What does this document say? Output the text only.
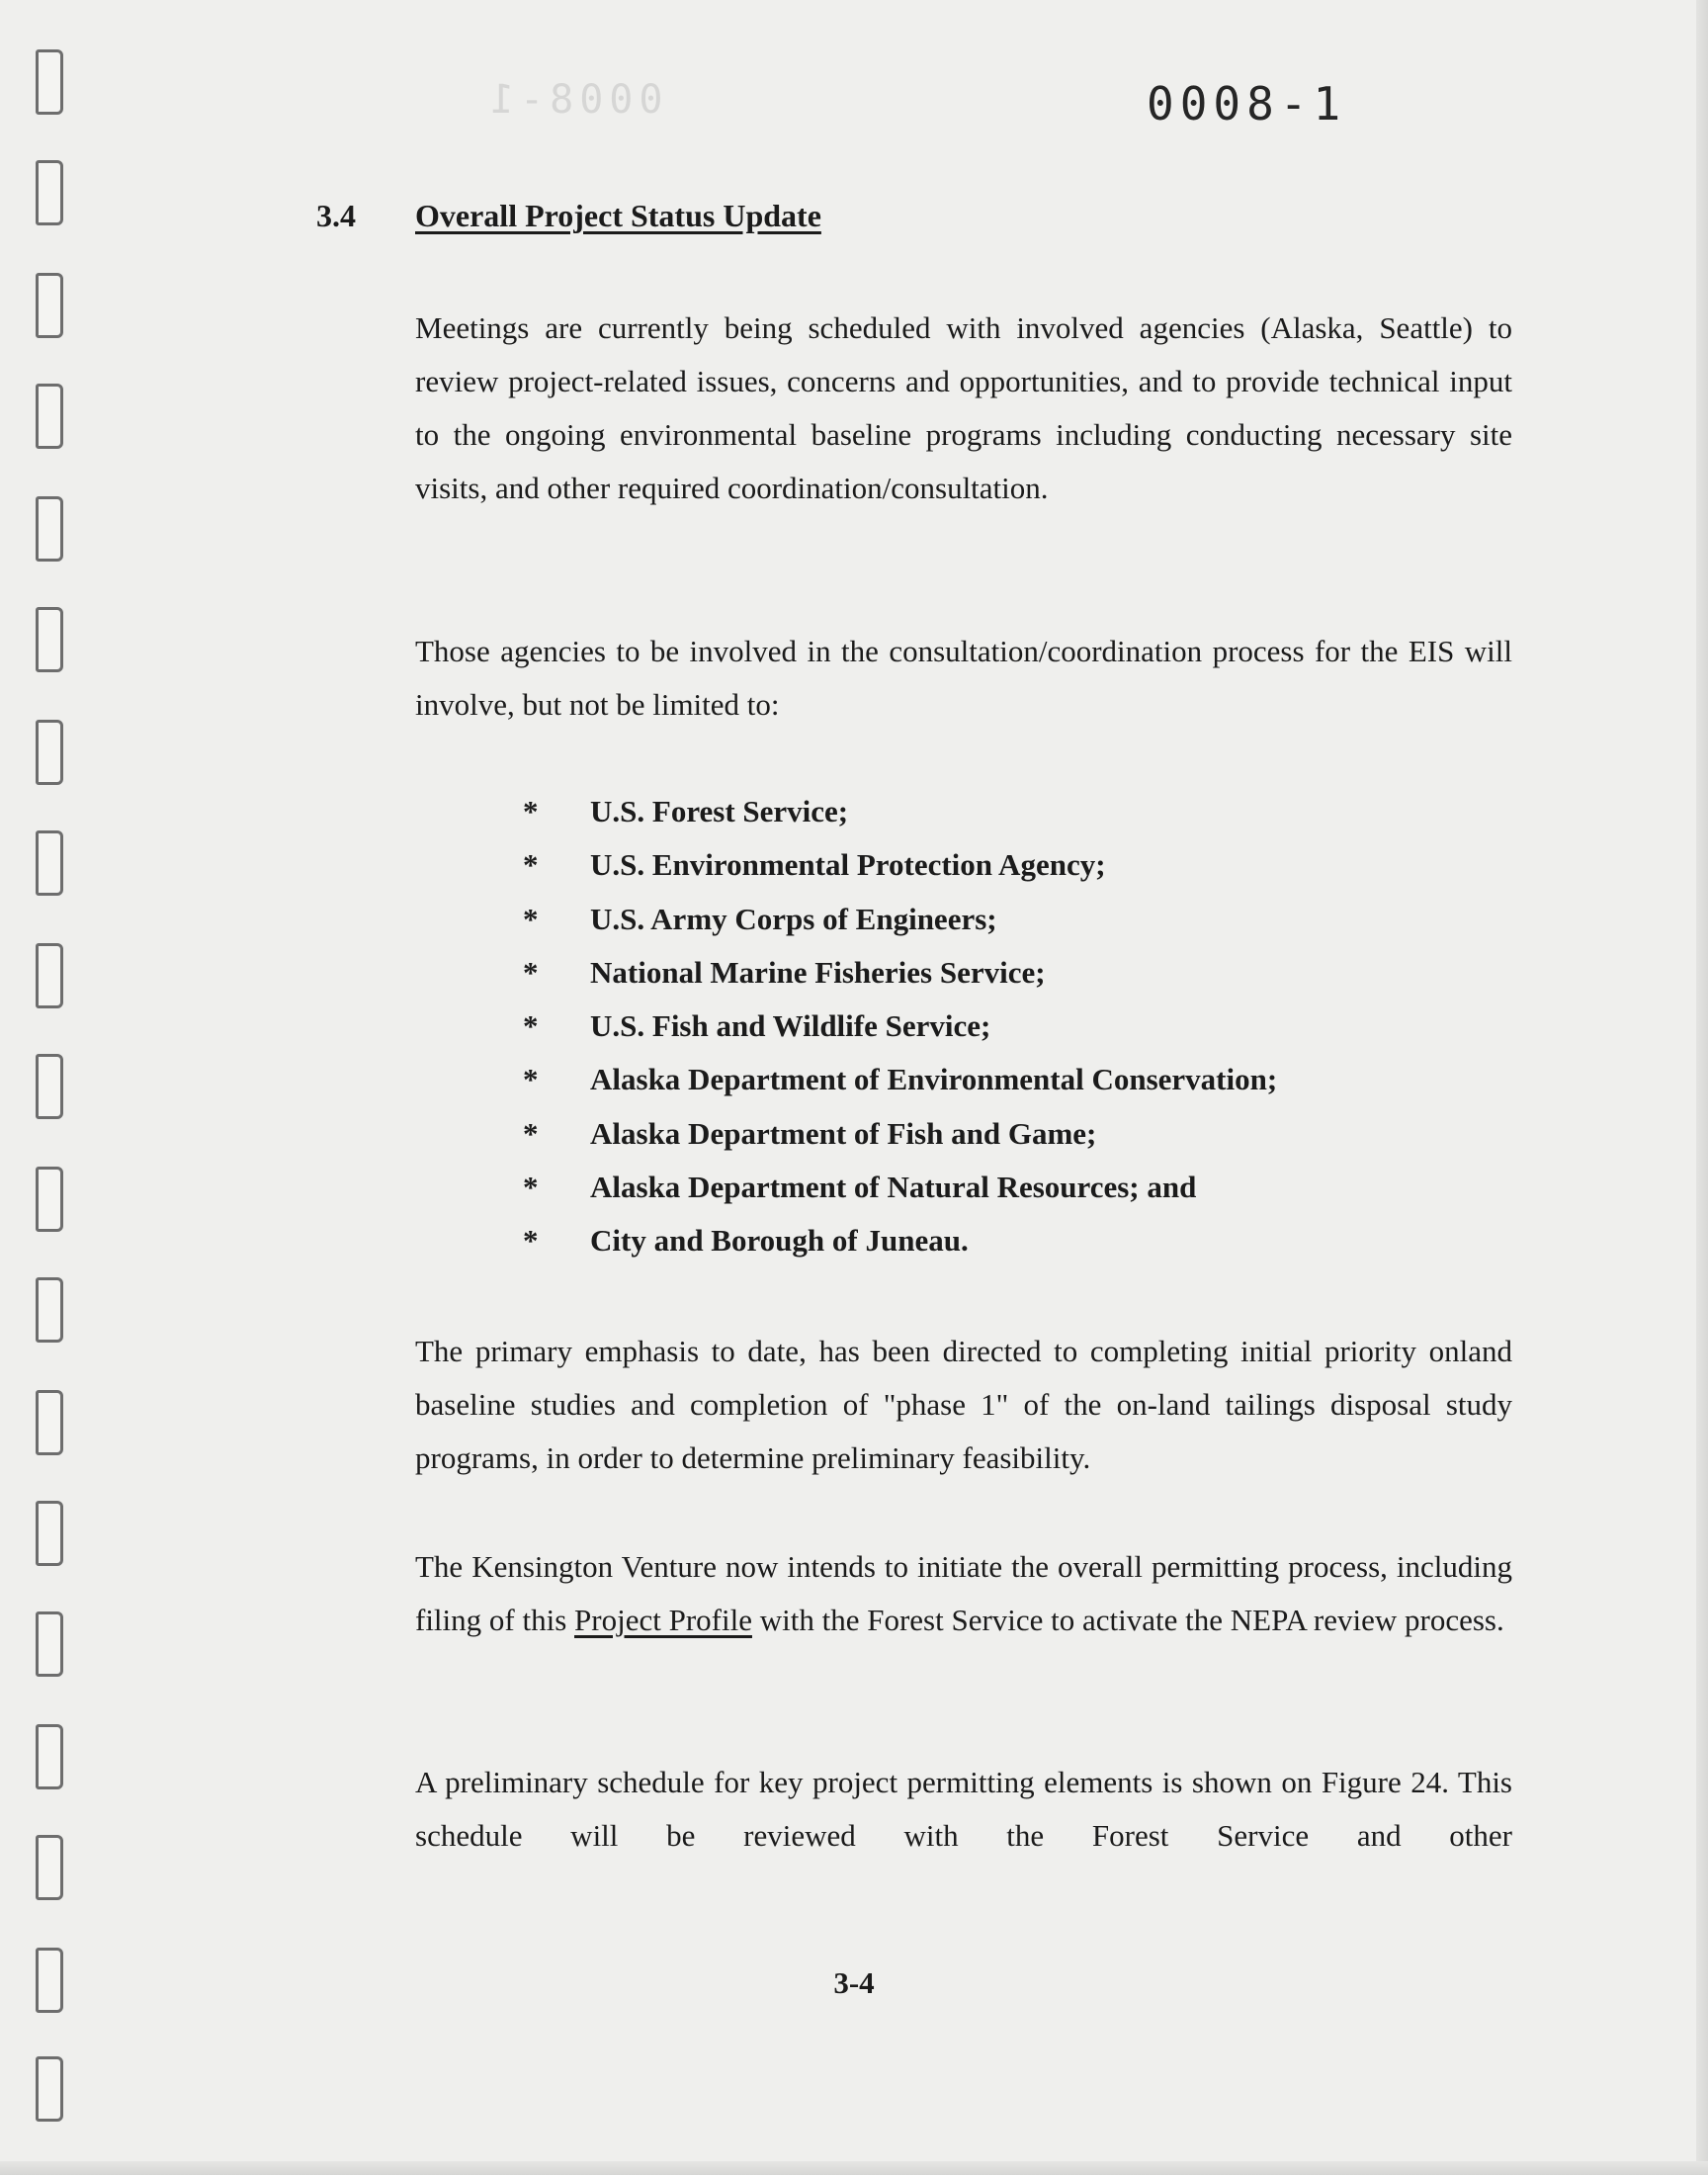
0008-1	0008-1
3.4 Overall Project Status Update

Meetings are currently being scheduled with involved agencies (Alaska, Seattle) to review project-related issues, concerns and opportunities, and to provide technical input to the ongoing environmental baseline programs including conducting necessary site visits, and other required coordination/consultation.

Those agencies to be involved in the consultation/coordination process for the EIS will involve, but not be limited to:

* U.S. Forest Service;
* U.S. Environmental Protection Agency;
* U.S. Army Corps of Engineers;
* National Marine Fisheries Service;
* U.S. Fish and Wildlife Service;
* Alaska Department of Environmental Conservation;
* Alaska Department of Fish and Game;
* Alaska Department of Natural Resources; and
* City and Borough of Juneau.

The primary emphasis to date, has been directed to completing initial priority onland baseline studies and completion of "phase 1" of the on-land tailings disposal study programs, in order to determine preliminary feasibility.

The Kensington Venture now intends to initiate the overall permitting process, including filing of this Project Profile with the Forest Service to activate the NEPA review process.

A preliminary schedule for key project permitting elements is shown on Figure 24. This schedule will be reviewed with the Forest Service and other

3-4
